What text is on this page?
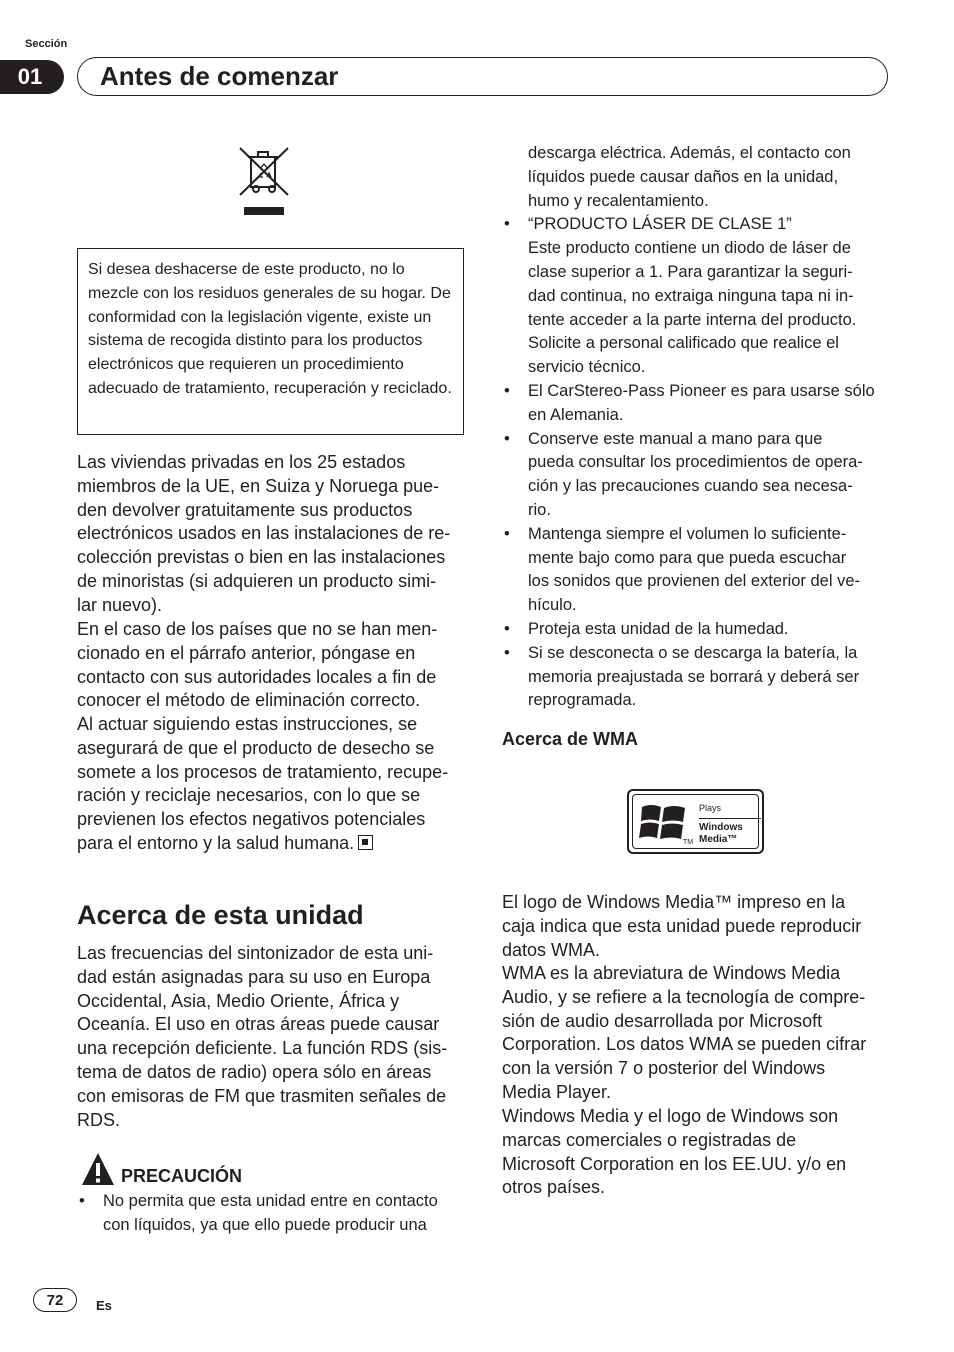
Sección
01	Antes de comenzar
Si desea deshacerse de este producto, no lo mezcle con los residuos generales de su hogar. De conformidad con la legislación vigente, existe un sistema de recogida distinto para los productos electrónicos que requieren un procedimiento adecuado de tratamiento, recuperación y reciclado.
Las viviendas privadas en los 25 estados
miembros de la UE, en Suiza y Noruega pue-
den devolver gratuitamente sus productos
electrónicos usados en las instalaciones de re-
colección previstas o bien en las instalaciones
de minoristas (si adquieren un producto simi-
lar nuevo).
En el caso de los países que no se han men-
cionado en el párrafo anterior, póngase en
contacto con sus autoridades locales a fin de
conocer el método de eliminación correcto.
Al actuar siguiendo estas instrucciones, se
asegurará de que el producto de desecho se
somete a los procesos de tratamiento, recupe-
ración y reciclaje necesarios, con lo que se
previenen los efectos negativos potenciales
para el entorno y la salud humana.
Acerca de esta unidad
Las frecuencias del sintonizador de esta uni-
dad están asignadas para su uso en Europa
Occidental, Asia, Medio Oriente, África y
Oceanía. El uso en otras áreas puede causar
una recepción deficiente. La función RDS (sis-
tema de datos de radio) opera sólo en áreas
con emisoras de FM que trasmiten señales de
RDS.
PRECAUCIÓN
• No permita que esta unidad entre en contacto
con líquidos, ya que ello puede producir una
descarga eléctrica. Además, el contacto con
líquidos puede causar daños en la unidad,
humo y recalentamiento.
• “PRODUCTO LÁSER DE CLASE 1”
Este producto contiene un diodo de láser de
clase superior a 1. Para garantizar la seguri-
dad continua, no extraiga ninguna tapa ni in-
tente acceder a la parte interna del producto.
Solicite a personal calificado que realice el
servicio técnico.
• El CarStereo-Pass Pioneer es para usarse sólo
en Alemania.
• Conserve este manual a mano para que
pueda consultar los procedimientos de opera-
ción y las precauciones cuando sea necesa-
rio.
• Mantenga siempre el volumen lo suficiente-
mente bajo como para que pueda escuchar
los sonidos que provienen del exterior del ve-
hículo.
• Proteja esta unidad de la humedad.
• Si se desconecta o se descarga la batería, la
memoria preajustada se borrará y deberá ser
reprogramada.
Acerca de WMA
Plays
Windows
Media™
TM
El logo de Windows Media™ impreso en la
caja indica que esta unidad puede reproducir
datos WMA.
WMA es la abreviatura de Windows Media
Audio, y se refiere a la tecnología de compre-
sión de audio desarrollada por Microsoft
Corporation. Los datos WMA se pueden cifrar
con la versión 7 o posterior del Windows
Media Player.
Windows Media y el logo de Windows son
marcas comerciales o registradas de
Microsoft Corporation en los EE.UU. y/o en
otros países.
72	Es
